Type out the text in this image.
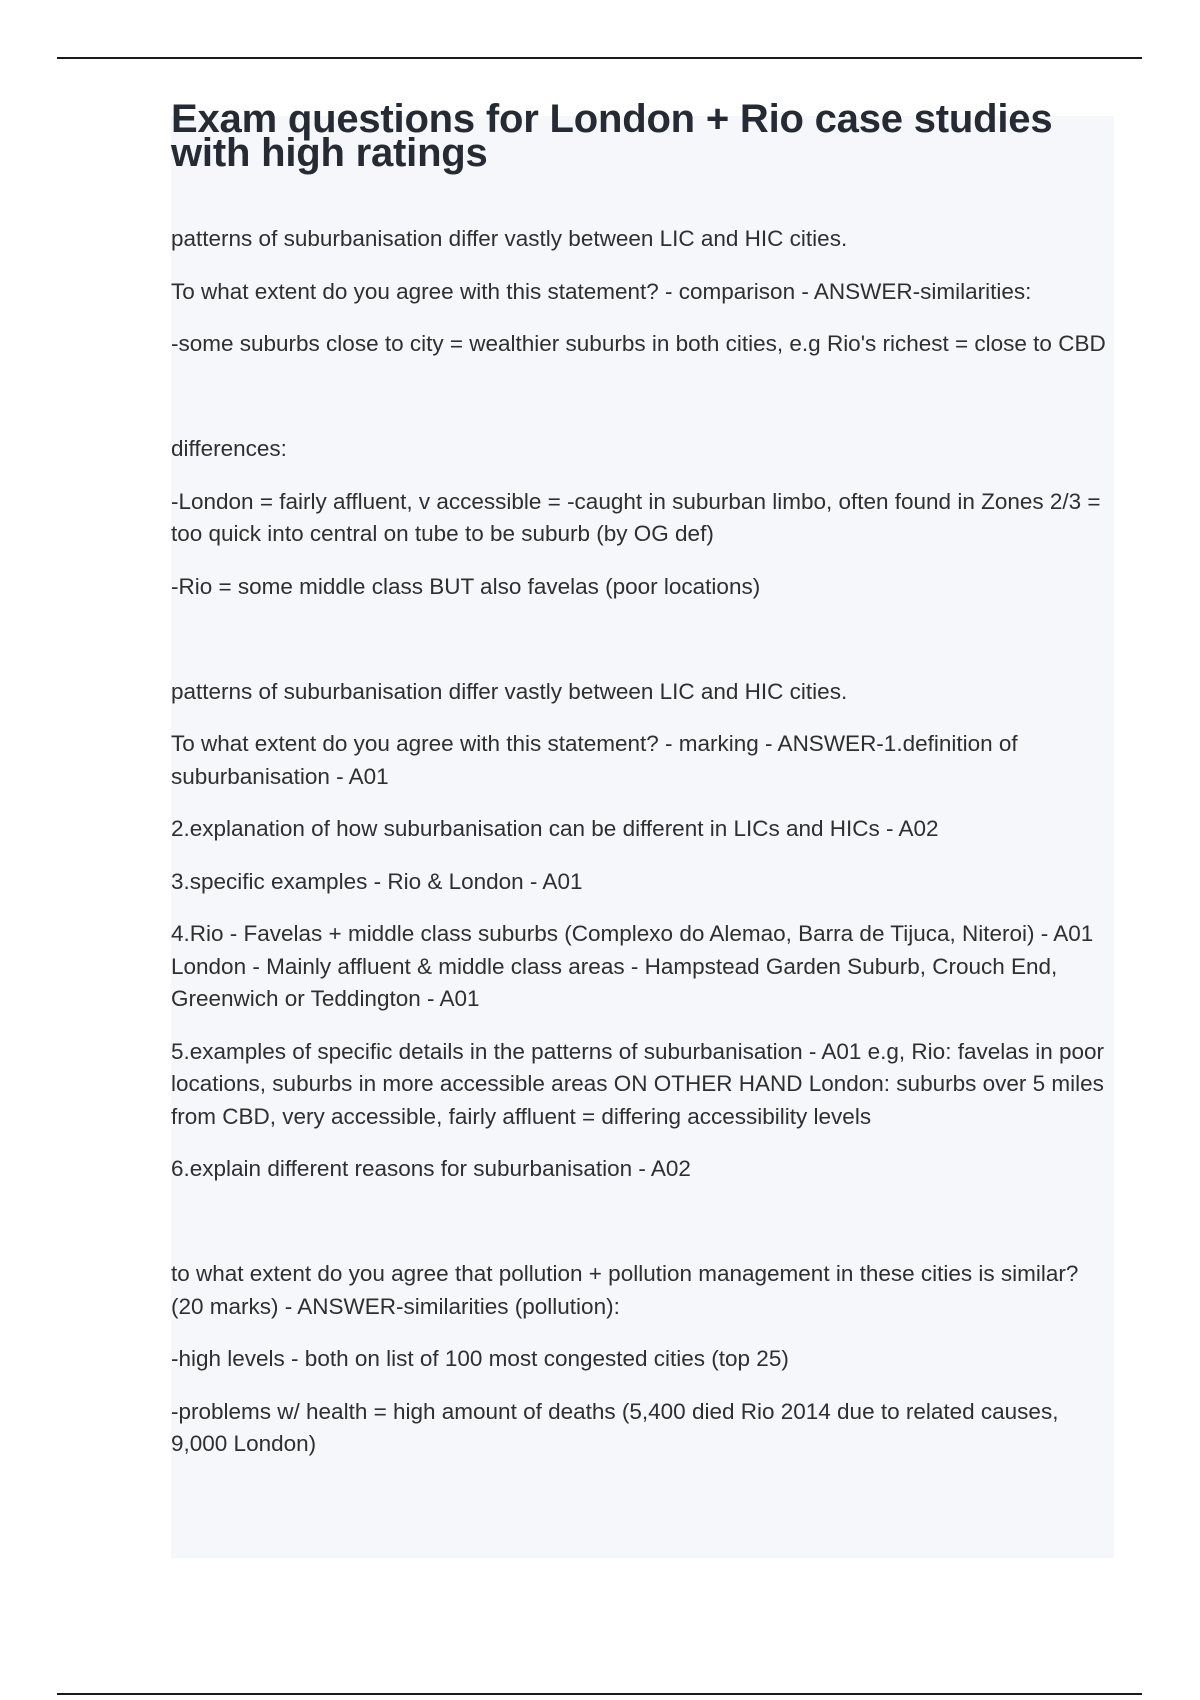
Exam questions for London + Rio case studies with high ratings

patterns of suburbanisation differ vastly between LIC and HIC cities.

To what extent do you agree with this statement? - comparison - ANSWER-similarities:

-some suburbs close to city = wealthier suburbs in both cities, e.g Rio's richest = close to CBD

differences:

-London = fairly affluent, v accessible = -caught in suburban limbo, often found in Zones 2/3 = too quick into central on tube to be suburb (by OG def)

-Rio = some middle class BUT also favelas (poor locations)

patterns of suburbanisation differ vastly between LIC and HIC cities.

To what extent do you agree with this statement? - marking - ANSWER-1.definition of suburbanisation - A01

2.explanation of how suburbanisation can be different in LICs and HICs - A02

3.specific examples - Rio & London - A01

4.Rio - Favelas + middle class suburbs (Complexo do Alemao, Barra de Tijuca, Niteroi) - A01 London - Mainly affluent & middle class areas - Hampstead Garden Suburb, Crouch End, Greenwich or Teddington - A01

5.examples of specific details in the patterns of suburbanisation - A01 e.g, Rio: favelas in poor locations, suburbs in more accessible areas ON OTHER HAND London: suburbs over 5 miles from CBD, very accessible, fairly affluent = differing accessibility levels

6.explain different reasons for suburbanisation - A02

to what extent do you agree that pollution + pollution management in these cities is similar? (20 marks) - ANSWER-similarities (pollution):

-high levels - both on list of 100 most congested cities (top 25)

-problems w/ health = high amount of deaths (5,400 died Rio 2014 due to related causes, 9,000 London)
